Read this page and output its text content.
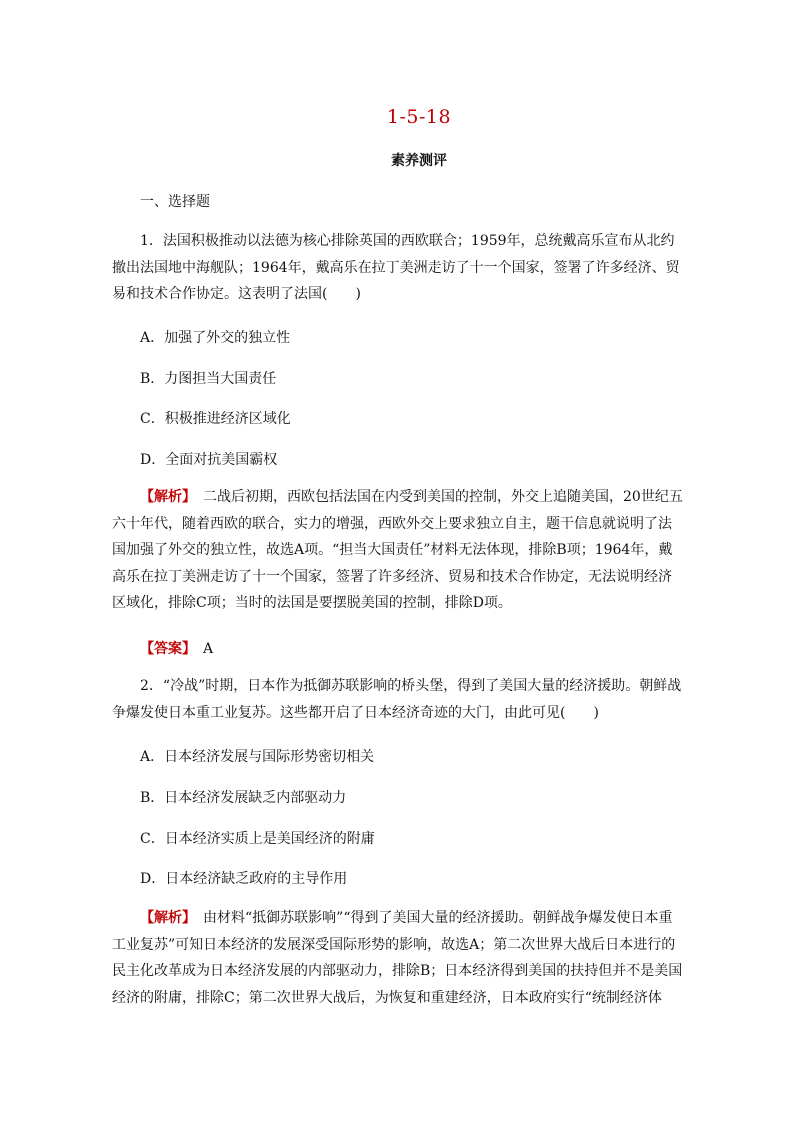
1-5-18
素养测评

一、选择题

1．法国积极推动以法德为核心排除英国的西欧联合；1959年，总统戴高乐宣布从北约撤出法国地中海舰队；1964年，戴高乐在拉丁美洲走访了十一个国家，签署了许多经济、贸易和技术合作协定。这表明了法国(　　)

A．加强了外交的独立性

B．力图担当大国责任

C．积极推进经济区域化

D．全面对抗美国霸权

【解析】　 二战后初期，西欧包括法国在内受到美国的控制，外交上追随美国，20世纪五六十年代，随着西欧的联合，实力的增强，西欧外交上要求独立自主，题干信息就说明了法国加强了外交的独立性，故选A项。“担当大国责任”材料无法体现，排除B项；1964年，戴高乐在拉丁美洲走访了十一个国家，签署了许多经济、贸易和技术合作协定，无法说明经济区域化，排除C项；当时的法国是要摆脱美国的控制，排除D项。

【答案】　 A

2．“冷战”时期，日本作为抵御苏联影响的桥头堡，得到了美国大量的经济援助。朝鲜战争爆发使日本重工业复苏。这些都开启了日本经济奇迹的大门，由此可见(　　)

A．日本经济发展与国际形势密切相关

B．日本经济发展缺乏内部驱动力

C．日本经济实质上是美国经济的附庸

D．日本经济缺乏政府的主导作用

【解析】　 由材料“抵御苏联影响”“得到了美国大量的经济援助。朝鲜战争爆发使日本重工业复苏”可知日本经济的发展深受国际形势的影响，故选A；第二次世界大战后日本进行的民主化改革成为日本经济发展的内部驱动力，排除B；日本经济得到美国的扶持但并不是美国经济的附庸，排除C；第二次世界大战后，为恢复和重建经济，日本政府实行“统制经济体
